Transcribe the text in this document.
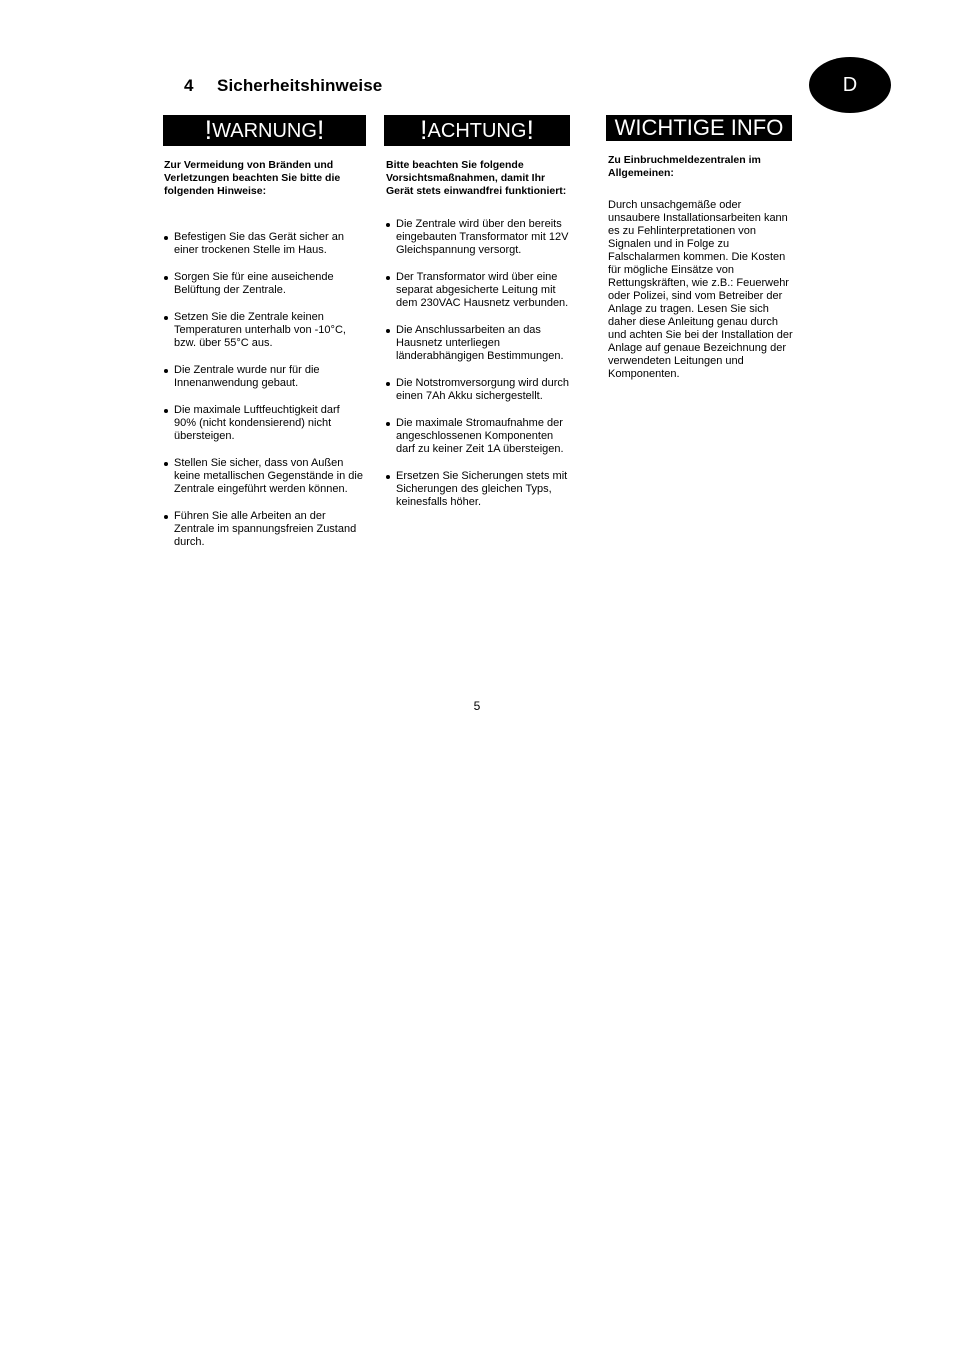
4 Sicherheitshinweise	D
! WARNUNG !	! ACHTUNG !	WICHTIGE INFO

Zur Vermeidung von Bränden und Verletzungen beachten Sie bitte die folgenden Hinweise:

Befestigen Sie das Gerät sicher an einer trockenen Stelle im Haus.
Sorgen Sie für eine auseichende Belüftung der Zentrale.
Setzen Sie die Zentrale keinen Temperaturen unterhalb von -10°C, bzw. über 55°C aus.
Die Zentrale wurde nur für die Innenanwendung gebaut.
Die maximale Luftfeuchtigkeit darf 90% (nicht kondensierend) nicht übersteigen.
Stellen Sie sicher, dass von Außen keine metallischen Gegenstände in die Zentrale eingeführt werden können.
Führen Sie alle Arbeiten an der Zentrale im spannungsfreien Zustand durch.

Bitte beachten Sie folgende Vorsichtsmaßnahmen, damit Ihr Gerät stets einwandfrei funktioniert:

Die Zentrale wird über den bereits eingebauten Transformator mit 12V Gleichspannung versorgt.
Der Transformator wird über eine separat abgesicherte Leitung mit dem 230VAC Hausnetz verbunden.
Die Anschlussarbeiten an das Hausnetz unterliegen länderabhängigen Bestimmungen.
Die Notstromversorgung wird durch einen 7Ah Akku sichergestellt.
Die maximale Stromaufnahme der angeschlossenen Komponenten darf zu keiner Zeit 1A übersteigen.
Ersetzen Sie Sicherungen stets mit Sicherungen des gleichen Typs, keinesfalls höher.

Zu Einbruchmeldezentralen im Allgemeinen:

Durch unsachgemäße oder unsaubere Installationsarbeiten kann es zu Fehlinterpretationen von Signalen und in Folge zu Falschalarmen kommen. Die Kosten für mögliche Einsätze von Rettungskräften, wie z.B.: Feuerwehr oder Polizei, sind vom Betreiber der Anlage zu tragen. Lesen Sie sich daher diese Anleitung genau durch und achten Sie bei der Installation der Anlage auf genaue Bezeichnung der verwendeten Leitungen und Komponenten.

5
